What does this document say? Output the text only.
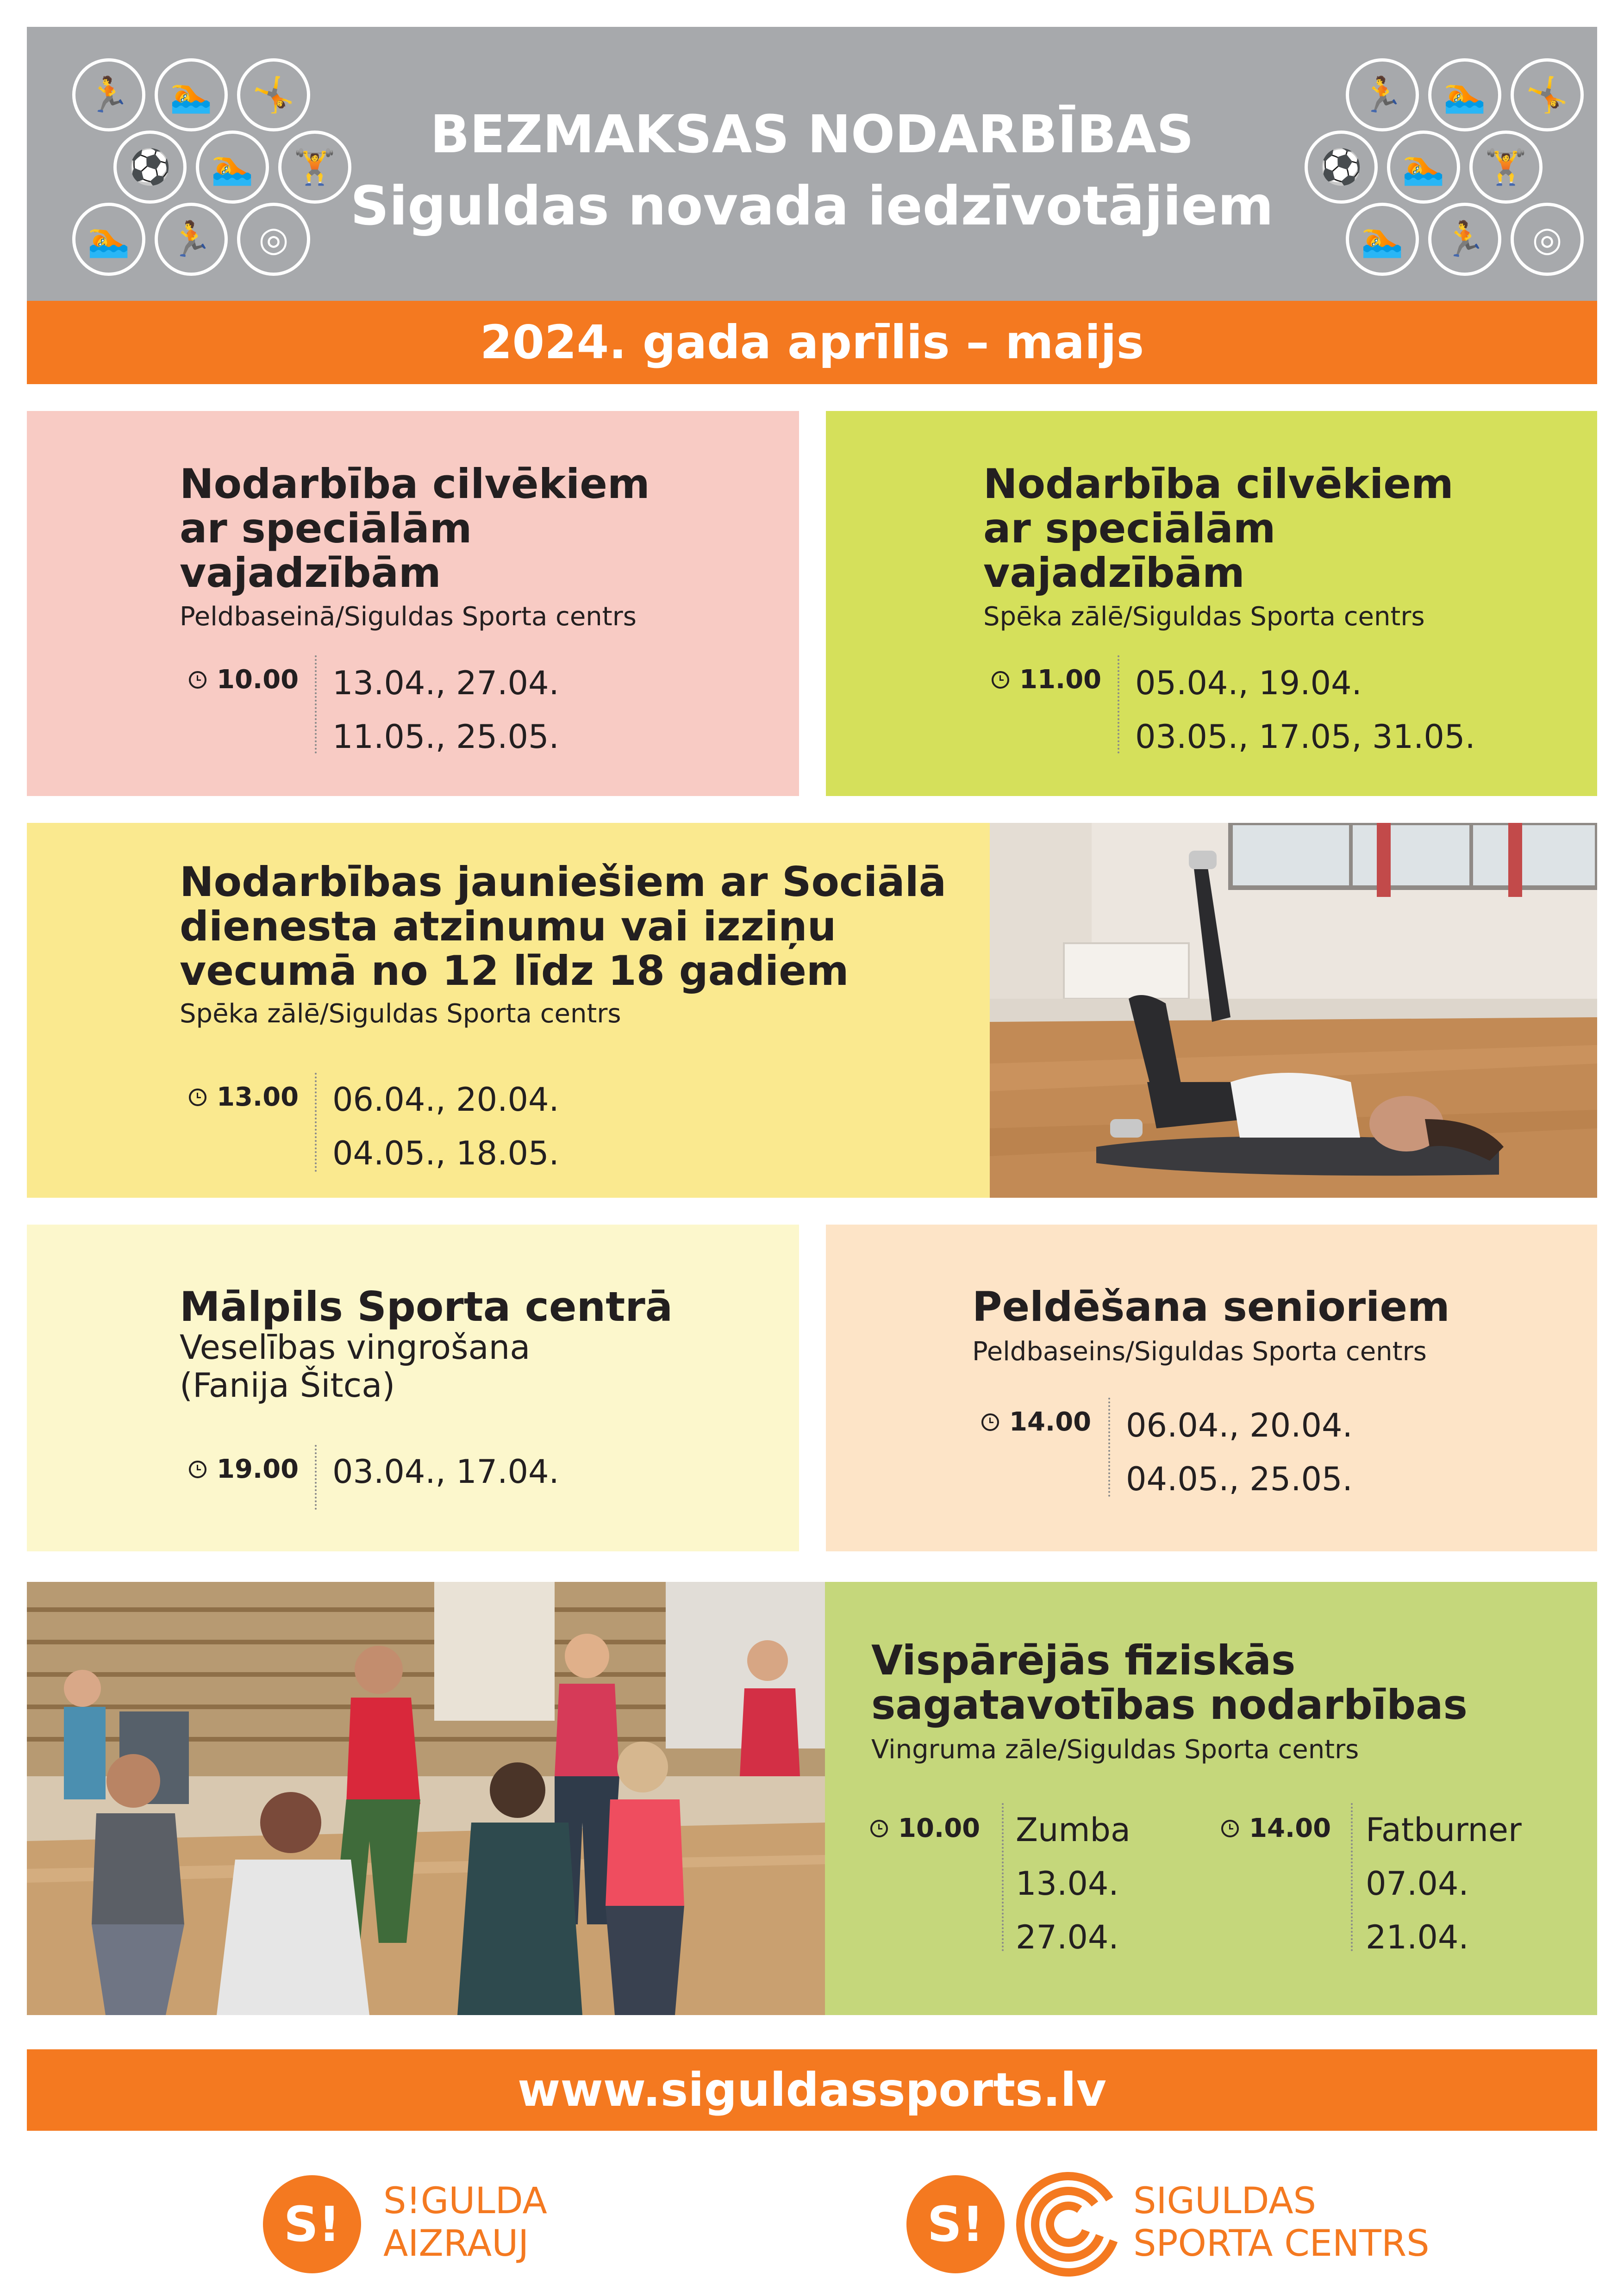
🏃	🏊	🤸
⚽	🏊	🏋
🏊	🏃	◎
BEZMAKSAS NODARBĪBAS
Siguldas novada iedzīvotājiem
🏃	🏊	🤸
⚽	🏊	🏋
🏊	🏃	◎
2024. gada aprīlis – maijs
Nodarbība cilvēkiem
ar speciālām
vajadzībām
Peldbaseinā/Siguldas Sporta centrs
10.00 13.04., 27.04.
11.05., 25.05.
Nodarbība cilvēkiem
ar speciālām
vajadzībām
Spēka zālē/Siguldas Sporta centrs
11.00 05.04., 19.04.
03.05., 17.05, 31.05.
Nodarbības jauniešiem ar Sociālā
dienesta atzinumu vai izziņu
vecumā no 12 līdz 18 gadiem
Spēka zālē/Siguldas Sporta centrs
13.00 06.04., 20.04.
04.05., 18.05.
Mālpils Sporta centrā
Veselības vingrošana
(Fanija Šitca)
19.00 03.04., 17.04.
Peldēšana senioriem
Peldbaseins/Siguldas Sporta centrs
14.00 06.04., 20.04.
04.05., 25.05.
Vispārējās fiziskās
sagatavotības nodarbības
Vingruma zāle/Siguldas Sporta centrs
10.00 Zumba
13.04.
27.04.
14.00 Fatburner
07.04.
21.04.
www.siguldassports.lv
S! S!GULDA
AIZRAUJ	S!	SIGULDAS
SPORTA CENTRS
